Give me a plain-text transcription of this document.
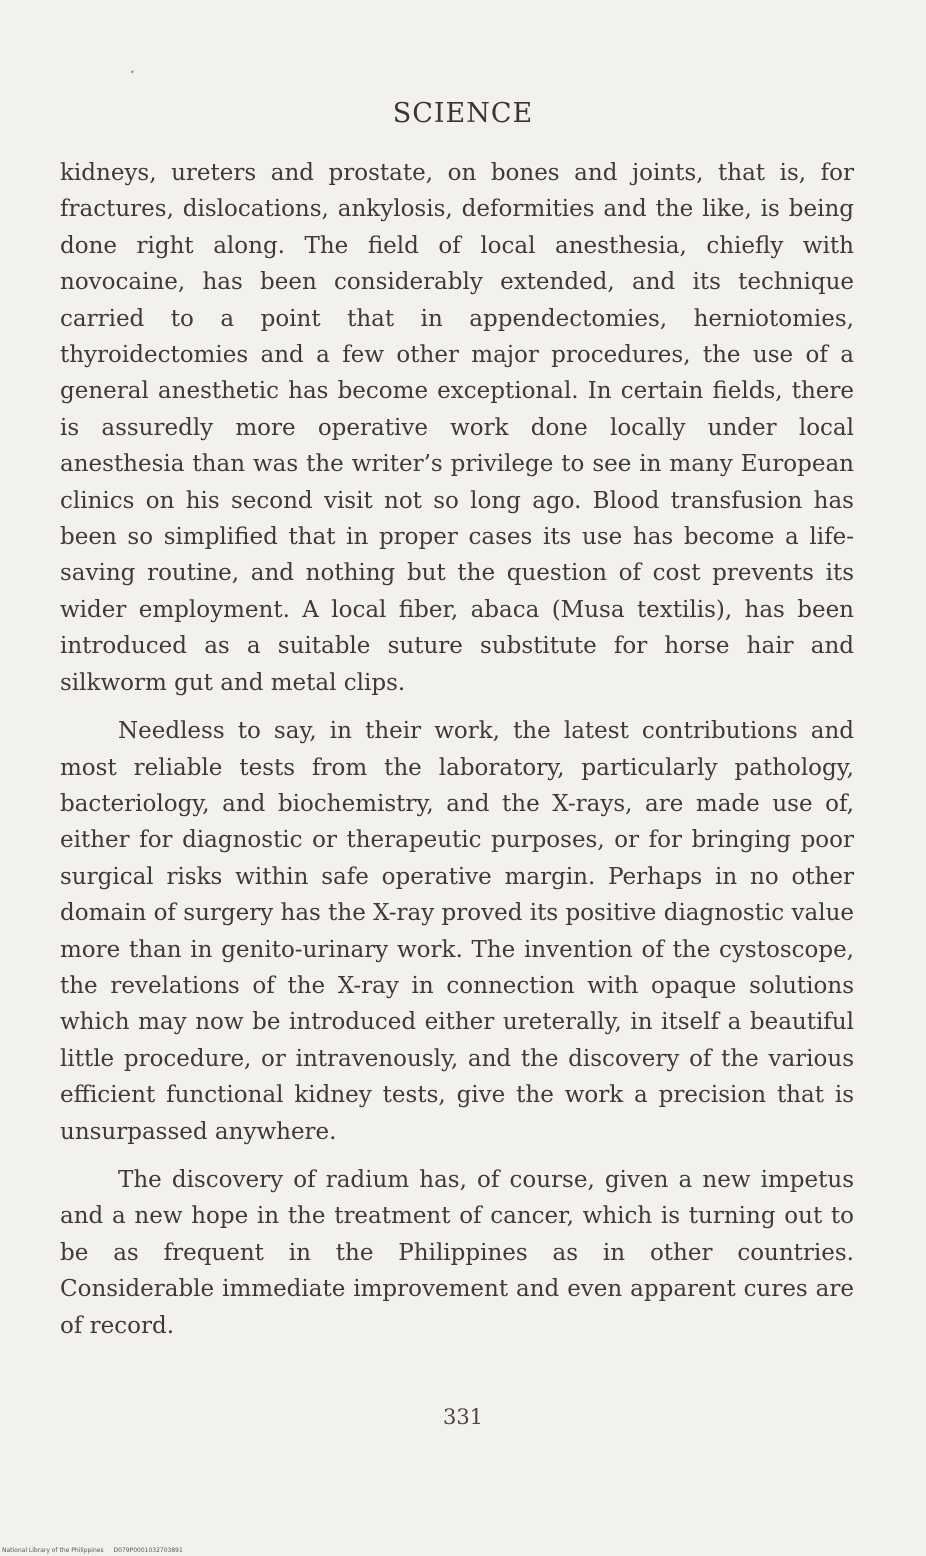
•
SCIENCE

kidneys, ureters and prostate, on bones and joints, that is, for fractures, dislocations, ankylosis, deformities and the like, is being done right along. The field of local anesthesia, chiefly with novocaine, has been considerably extended, and its technique carried to a point that in appendectomies, herniotomies, thyroidectomies and a few other major procedures, the use of a general anesthetic has become exceptional. In certain fields, there is assuredly more operative work done locally under local anesthesia than was the writer’s privilege to see in many European clinics on his second visit not so long ago. Blood transfusion has been so simplified that in proper cases its use has become a life-saving routine, and nothing but the question of cost prevents its wider employment. A local fiber, abaca (Musa textilis), has been introduced as a suitable suture substitute for horse hair and silkworm gut and metal clips.

Needless to say, in their work, the latest contributions and most reliable tests from the laboratory, particularly pathology, bacteriology, and biochemistry, and the X-rays, are made use of, either for diagnostic or therapeutic purposes, or for bringing poor surgical risks within safe operative margin. Perhaps in no other domain of surgery has the X-ray proved its positive diagnostic value more than in genito-urinary work. The invention of the cystoscope, the revelations of the X-ray in connection with opaque solutions which may now be introduced either ureterally, in itself a beautiful little procedure, or intravenously, and the discovery of the various efficient functional kidney tests, give the work a precision that is unsurpassed anywhere.

The discovery of radium has, of course, given a new impetus and a new hope in the treatment of cancer, which is turning out to be as frequent in the Philippines as in other countries. Considerable immediate improvement and even apparent cures are of record.

331
National Library of the Philippines D079P0001032703891
